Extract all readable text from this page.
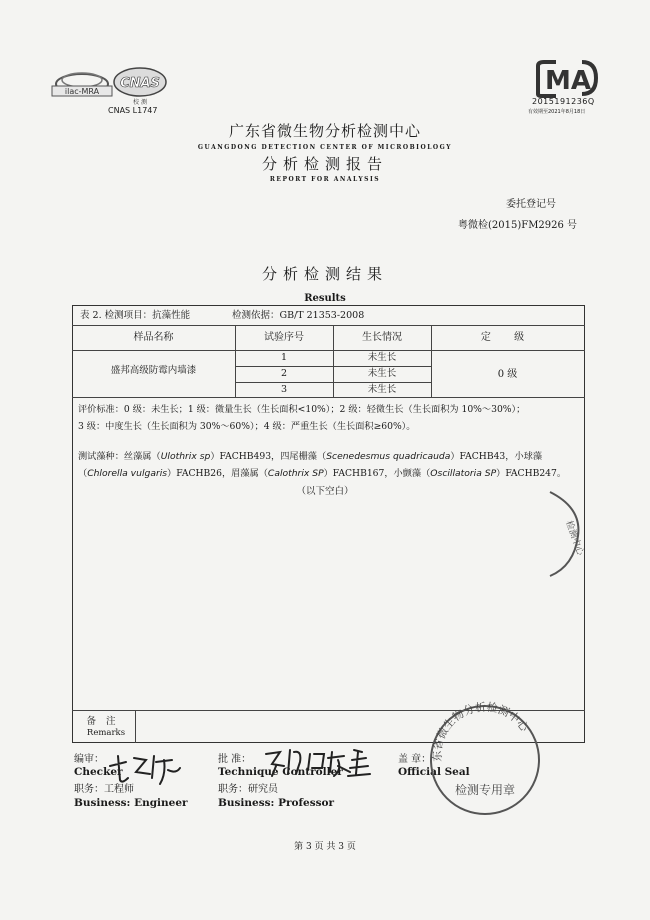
ilac-MRA
CNAS
校 测
CNAS L1747
MA
2015191236Q
有效期至2021年8月18日
广东省微生物分析检测中心
GUANGDONG DETECTION CENTER OF MICROBIOLOGY
分析检测报告
REPORT FOR ANALYSIS
委托登记号
粤微检(2015)FM2926 号
分析检测结果
Results
表 2. 检测项目：抗藻性能	检测依据：GB/T 21353-2008
样品名称	试验序号	生长情况	定 级
盛邦高级防霉内墙漆
1	未生长
2	未生长
3	未生长
0 级
评价标准：0 级：未生长；1 级：微量生长（生长面积<10%）；2 级：轻微生长（生长面积为 10%～30%）；
3 级：中度生长（生长面积为 30%～60%）；4 级：严重生长（生长面积≥60%）。
测试藻种：丝藻属（Ulothrix sp）FACHB493，四尾栅藻（Scenedesmus quadricauda）FACHB43，小球藻
（Chlorella vulgaris）FACHB26，眉藻属（Calothrix SP）FACHB167，小颤藻（Oscillatoria SP）FACHB247。
（以下空白）
备注
Remarks
检测中心
编审：
Checker
职务：工程师
Business: Engineer
批 准：
Technique Controller
职务：研究员
Business: Professor
盖 章：
Official Seal
东省微生物分析检测中心
检测专用章
第 3 页 共 3 页
